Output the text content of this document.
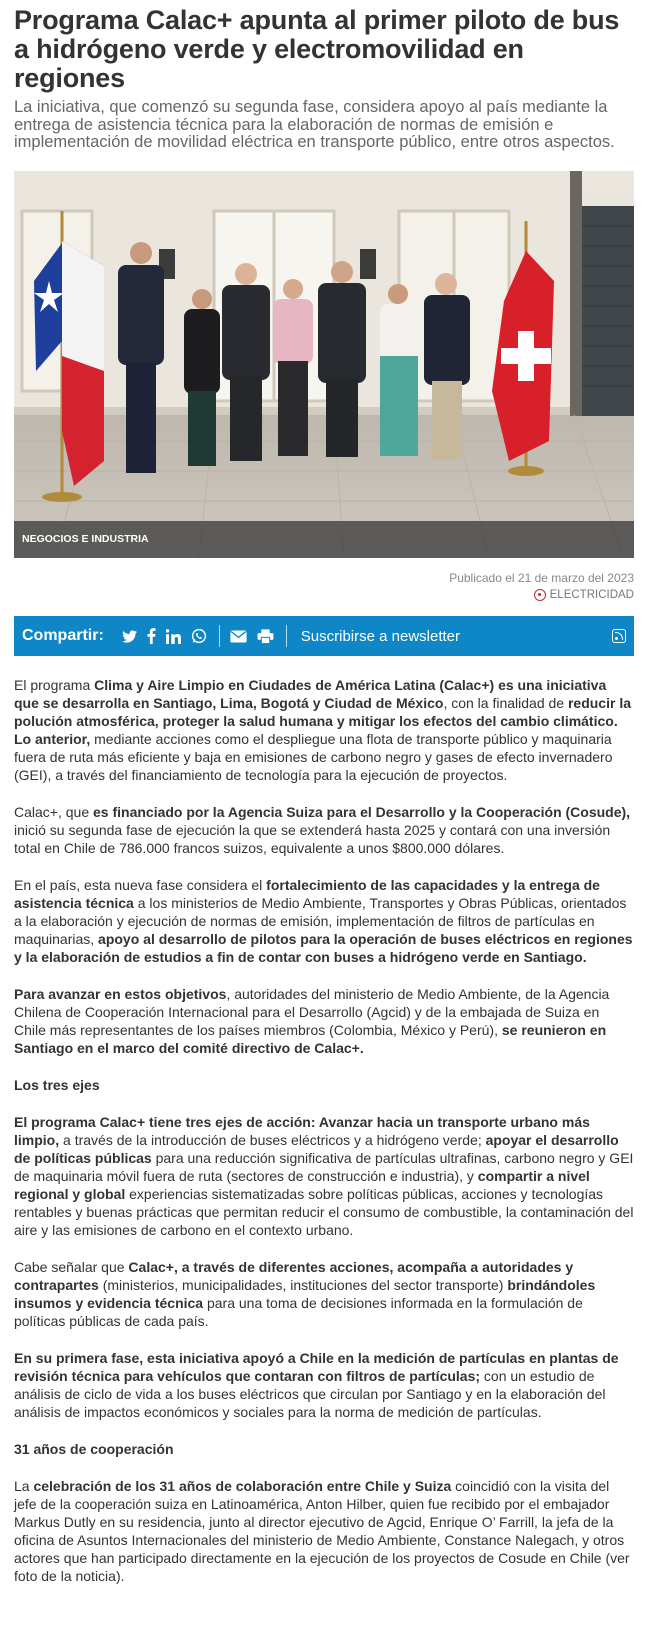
Programa Calac+ apunta al primer piloto de bus a hidrógeno verde y electromovilidad en regiones

La iniciativa, que comenzó su segunda fase, considera apoyo al país mediante la entrega de asistencia técnica para la elaboración de normas de emisión e implementación de movilidad eléctrica en transporte público, entre otros aspectos.

NEGOCIOS E INDUSTRIA
Publicado el 21 de marzo del 2023
ELECTRICIDAD
Compartir:	Suscribirse a newsletter

El programa Clima y Aire Limpio en Ciudades de América Latina (Calac+) es una iniciativa que se desarrolla en Santiago, Lima, Bogotá y Ciudad de México, con la finalidad de reducir la polución atmosférica, proteger la salud humana y mitigar los efectos del cambio climático. Lo anterior, mediante acciones como el despliegue una flota de transporte público y maquinaria fuera de ruta más eficiente y baja en emisiones de carbono negro y gases de efecto invernadero (GEI), a través del financiamiento de tecnología para la ejecución de proyectos.

Calac+, que es financiado por la Agencia Suiza para el Desarrollo y la Cooperación (Cosude), inició su segunda fase de ejecución la que se extenderá hasta 2025 y contará con una inversión total en Chile de 786.000 francos suizos, equivalente a unos $800.000 dólares.

En el país, esta nueva fase considera el fortalecimiento de las capacidades y la entrega de asistencia técnica a los ministerios de Medio Ambiente, Transportes y Obras Públicas, orientados a la elaboración y ejecución de normas de emisión, implementación de filtros de partículas en maquinarias, apoyo al desarrollo de pilotos para la operación de buses eléctricos en regiones y la elaboración de estudios a fin de contar con buses a hidrógeno verde en Santiago.

Para avanzar en estos objetivos, autoridades del ministerio de Medio Ambiente, de la Agencia Chilena de Cooperación Internacional para el Desarrollo (Agcid) y de la embajada de Suiza en Chile más representantes de los países miembros (Colombia, México y Perú), se reunieron en Santiago en el marco del comité directivo de Calac+.

Los tres ejes

El programa Calac+ tiene tres ejes de acción: Avanzar hacia un transporte urbano más limpio, a través de la introducción de buses eléctricos y a hidrógeno verde; apoyar el desarrollo de políticas públicas para una reducción significativa de partículas ultrafinas, carbono negro y GEI de maquinaria móvil fuera de ruta (sectores de construcción e industria), y compartir a nivel regional y global experiencias sistematizadas sobre políticas públicas, acciones y tecnologías rentables y buenas prácticas que permitan reducir el consumo de combustible, la contaminación del aire y las emisiones de carbono en el contexto urbano.

Cabe señalar que Calac+, a través de diferentes acciones, acompaña a autoridades y contrapartes (ministerios, municipalidades, instituciones del sector transporte) brindándoles insumos y evidencia técnica para una toma de decisiones informada en la formulación de políticas públicas de cada país.

En su primera fase, esta iniciativa apoyó a Chile en la medición de partículas en plantas de revisión técnica para vehículos que contaran con filtros de partículas; con un estudio de análisis de ciclo de vida a los buses eléctricos que circulan por Santiago y en la elaboración del análisis de impactos económicos y sociales para la norma de medición de partículas.

31 años de cooperación

La celebración de los 31 años de colaboración entre Chile y Suiza coincidió con la visita del jefe de la cooperación suiza en Latinoamérica, Anton Hilber, quien fue recibido por el embajador Markus Dutly en su residencia, junto al director ejecutivo de Agcid, Enrique O’ Farrill, la jefa de la oficina de Asuntos Internacionales del ministerio de Medio Ambiente, Constance Nalegach, y otros actores que han participado directamente en la ejecución de los proyectos de Cosude en Chile (ver foto de la noticia).
